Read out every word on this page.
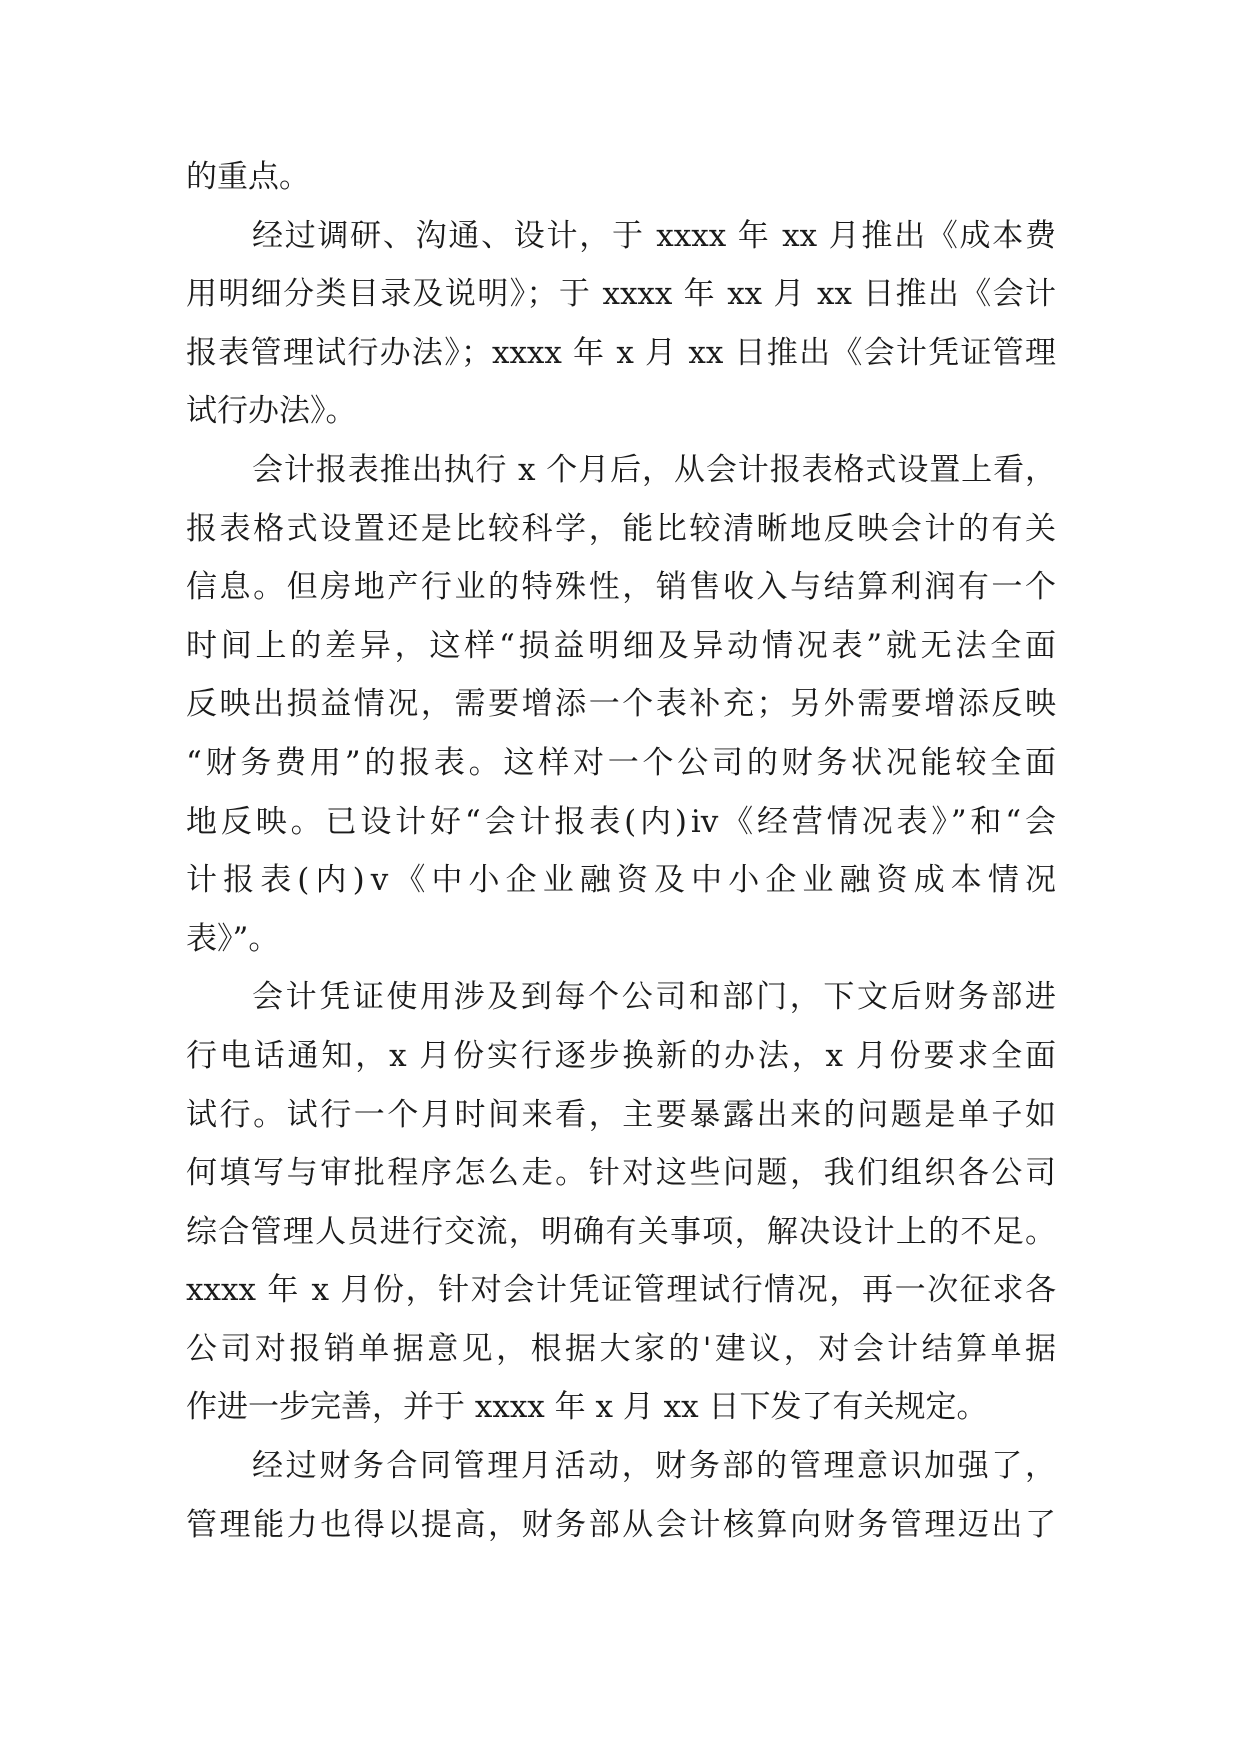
的重点。
经过调研、沟通、设计，于 xxxx 年 xx 月推出《成本费
用明细分类目录及说明》；于 xxxx 年 xx 月 xx 日推出《会计
报表管理试行办法》；xxxx 年 x 月 xx 日推出《会计凭证管理
试行办法》。
会计报表推出执行 x 个月后，从会计报表格式设置上看，
报表格式设置还是比较科学，能比较清晰地反映会计的有关
信息。但房地产行业的特殊性，销售收入与结算利润有一个
时间上的差异，这样“损益明细及异动情况表”就无法全面
反映出损益情况，需要增添一个表补充；另外需要增添反映
“财务费用”的报表。这样对一个公司的财务状况能较全面
地反映。已设计好“会计报表(内)ⅳ《经营情况表》”和“会
计报表(内)ⅴ《中小企业融资及中小企业融资成本情况
表》”。
会计凭证使用涉及到每个公司和部门，下文后财务部进
行电话通知，x 月份实行逐步换新的办法，x 月份要求全面
试行。试行一个月时间来看，主要暴露出来的问题是单子如
何填写与审批程序怎么走。针对这些问题，我们组织各公司
综合管理人员进行交流，明确有关事项，解决设计上的不足。
xxxx 年 x 月份，针对会计凭证管理试行情况，再一次征求各
公司对报销单据意见，根据大家的'建议，对会计结算单据
作进一步完善，并于 xxxx 年 x 月 xx 日下发了有关规定。
经过财务合同管理月活动，财务部的管理意识加强了，
管理能力也得以提高，财务部从会计核算向财务管理迈出了
